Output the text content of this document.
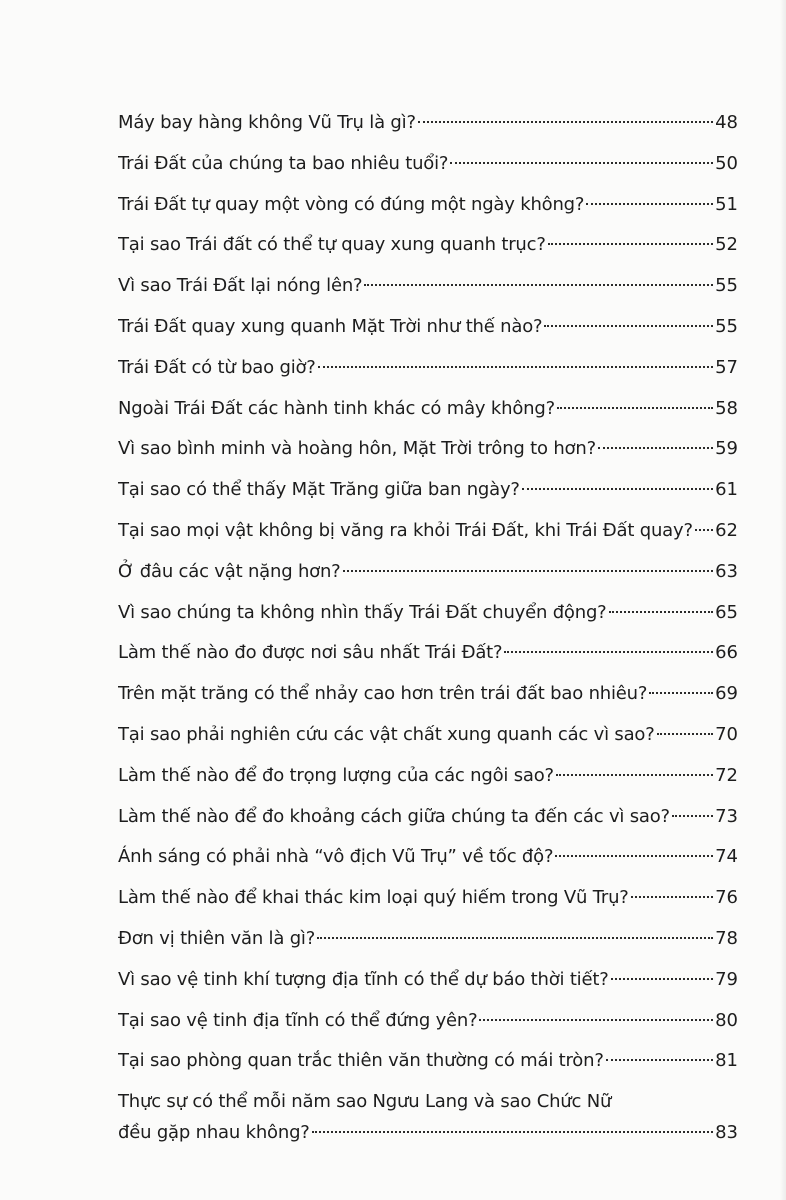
Máy bay hàng không Vũ Trụ là gì?	48
Trái Đất của chúng ta bao nhiêu tuổi?	50
Trái Đất tự quay một vòng có đúng một ngày không?	51
Tại sao Trái đất có thể tự quay xung quanh trục?	52
Vì sao Trái Đất lại nóng lên?	55
Trái Đất quay xung quanh Mặt Trời như thế nào?	55
Trái Đất có từ bao giờ?	57
Ngoài Trái Đất các hành tinh khác có mây không?	58
Vì sao bình minh và hoàng hôn, Mặt Trời trông to hơn?	59
Tại sao có thể thấy Mặt Trăng giữa ban ngày?	61
Tại sao mọi vật không bị văng ra khỏi Trái Đất, khi Trái Đất quay? 62
Ở đâu các vật nặng hơn?	63
Vì sao chúng ta không nhìn thấy Trái Đất chuyển động?	65
Làm thế nào đo được nơi sâu nhất Trái Đất?	66
Trên mặt trăng có thể nhảy cao hơn trên trái đất bao nhiêu?	69
Tại sao phải nghiên cứu các vật chất xung quanh các vì sao?	70
Làm thế nào để đo trọng lượng của các ngôi sao?	72
Làm thế nào để đo khoảng cách giữa chúng ta đến các vì sao?	73
Ánh sáng có phải nhà “vô địch Vũ Trụ” về tốc độ?	74
Làm thế nào để khai thác kim loại quý hiếm trong Vũ Trụ?	76
Đơn vị thiên văn là gì?	78
Vì sao vệ tinh khí tượng địa tĩnh có thể dự báo thời tiết?	79
Tại sao vệ tinh địa tĩnh có thể đứng yên?	80
Tại sao phòng quan trắc thiên văn thường có mái tròn?	81
Thực sự có thể mỗi năm sao Ngưu Lang và sao Chức Nữ
đều gặp nhau không?	83
